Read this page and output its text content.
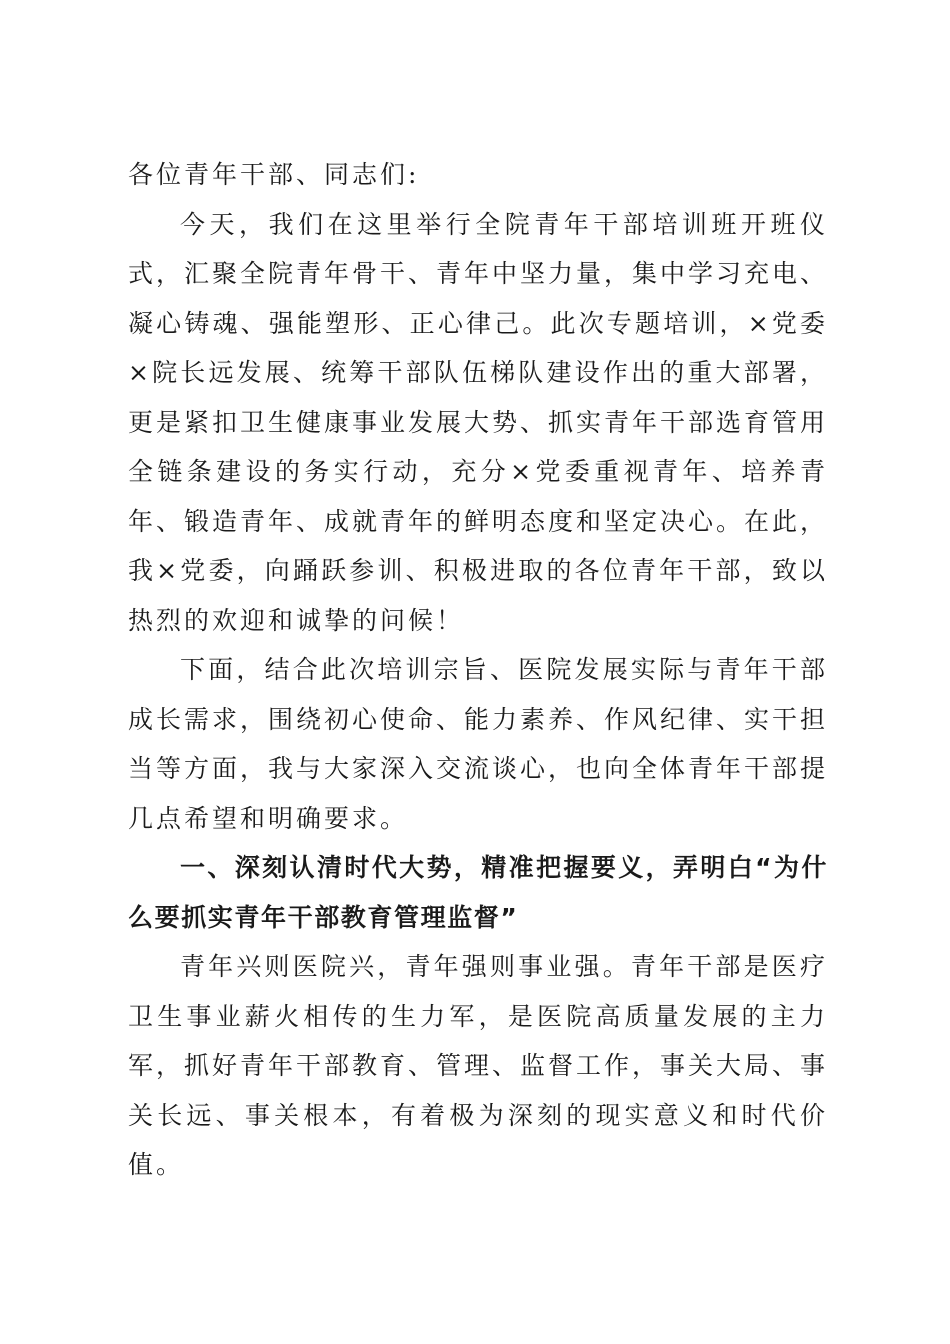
各位青年干部、同志们:

今天，我们在这里举行全院青年干部培训班开班仪式，汇聚全院青年骨干、青年中坚力量，集中学习充电、凝心铸魂、强能塑形、正心律己。此次专题培训，×党委×院长远发展、统筹干部队伍梯队建设作出的重大部署，更是紧扣卫生健康事业发展大势、抓实青年干部选育管用全链条建设的务实行动，充分×党委重视青年、培养青年、锻造青年、成就青年的鲜明态度和坚定决心。在此，我×党委，向踊跃参训、积极进取的各位青年干部，致以热烈的欢迎和诚挚的问候！

下面，结合此次培训宗旨、医院发展实际与青年干部成长需求，围绕初心使命、能力素养、作风纪律、实干担当等方面，我与大家深入交流谈心，也向全体青年干部提几点希望和明确要求。

一、深刻认清时代大势，精准把握要义，弄明白“为什么要抓实青年干部教育管理监督”

青年兴则医院兴，青年强则事业强。青年干部是医疗卫生事业薪火相传的生力军，是医院高质量发展的主力军，抓好青年干部教育、管理、监督工作，事关大局、事关长远、事关根本，有着极为深刻的现实意义和时代价值。
